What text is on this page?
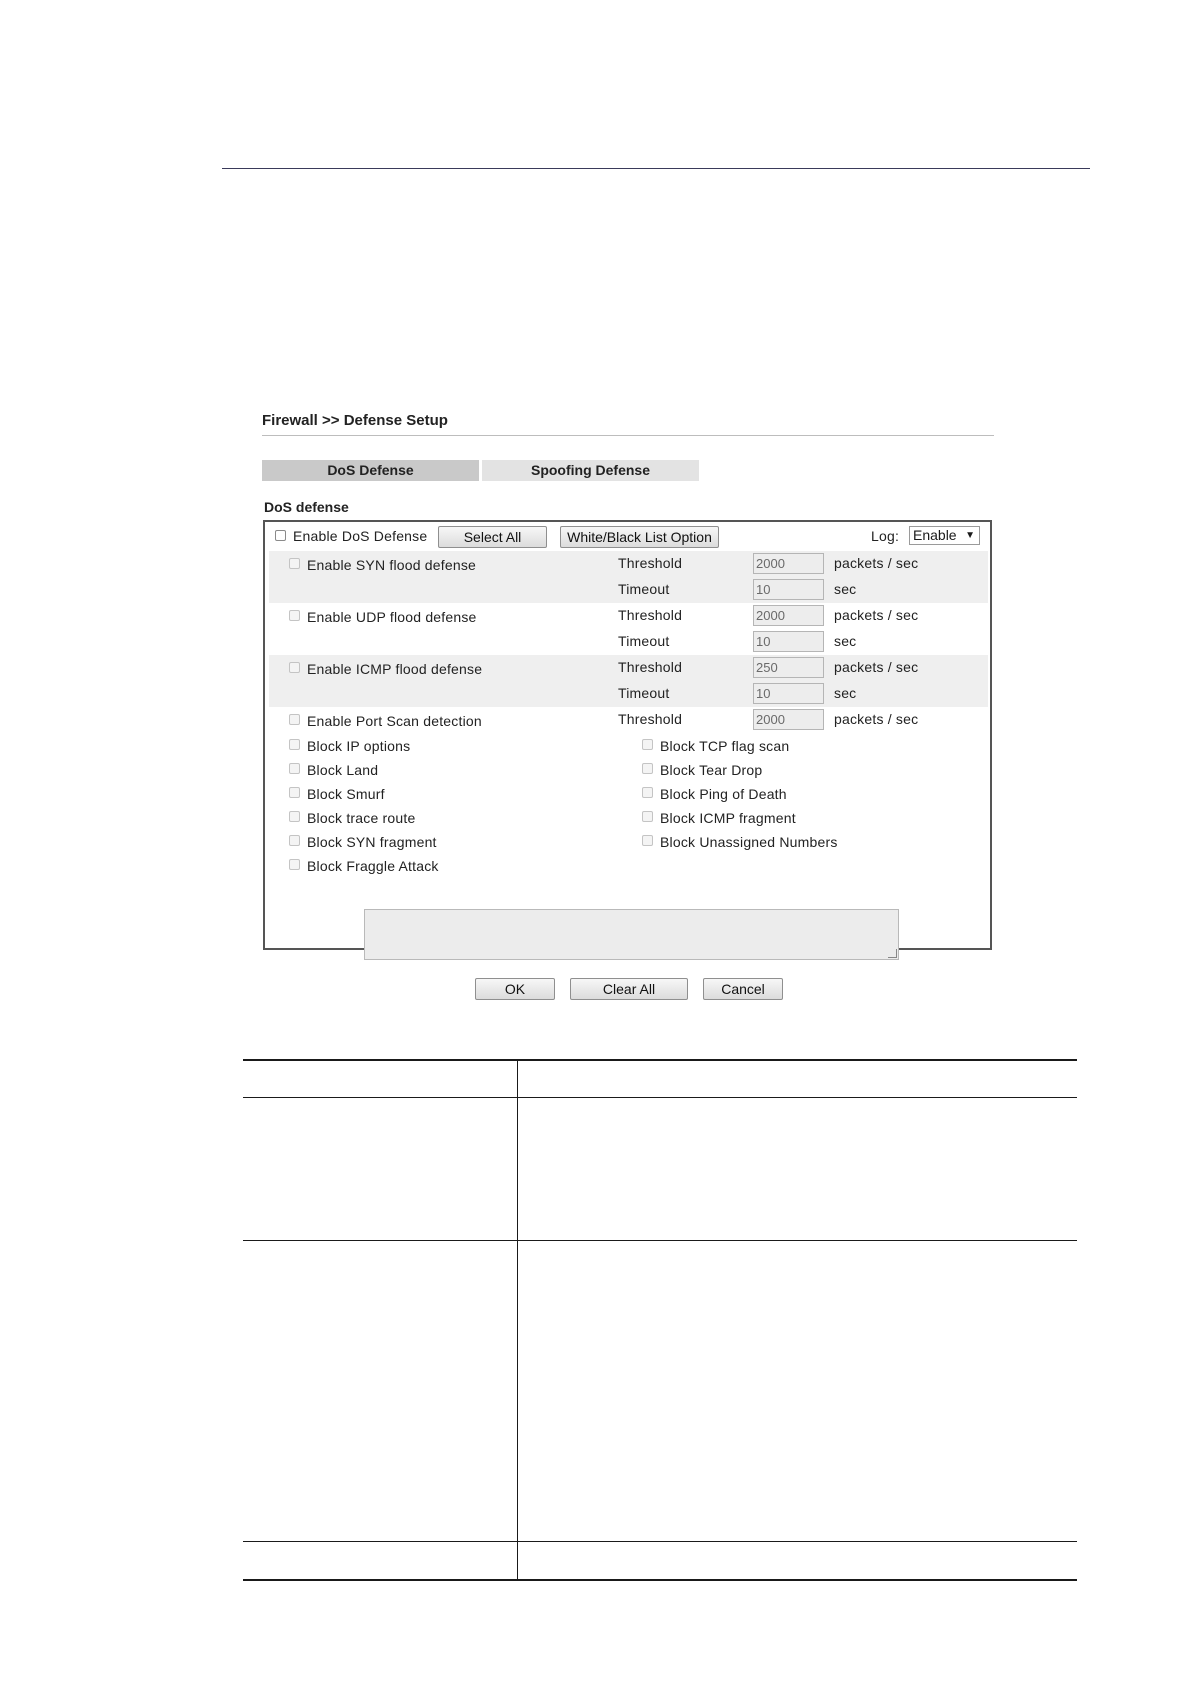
Firewall >> Defense Setup
DoS Defense	Spoofing Defense
DoS defense
Enable DoS Defense	Select All	White/Black List Option	Log: Enable ▼
Enable SYN flood defense	Threshold	2000	packets / sec
Timeout	10	sec
Enable UDP flood defense	Threshold	2000	packets / sec
Timeout	10	sec
Enable ICMP flood defense	Threshold	250	packets / sec
Timeout	10	sec
Enable Port Scan detection	Threshold	2000	packets / sec
Block IP options
Block Land
Block Smurf
Block trace route
Block SYN fragment
Block Fraggle Attack
Block TCP flag scan
Block Tear Drop
Block Ping of Death
Block ICMP fragment
Block Unassigned Numbers
OK	Clear All	Cancel
